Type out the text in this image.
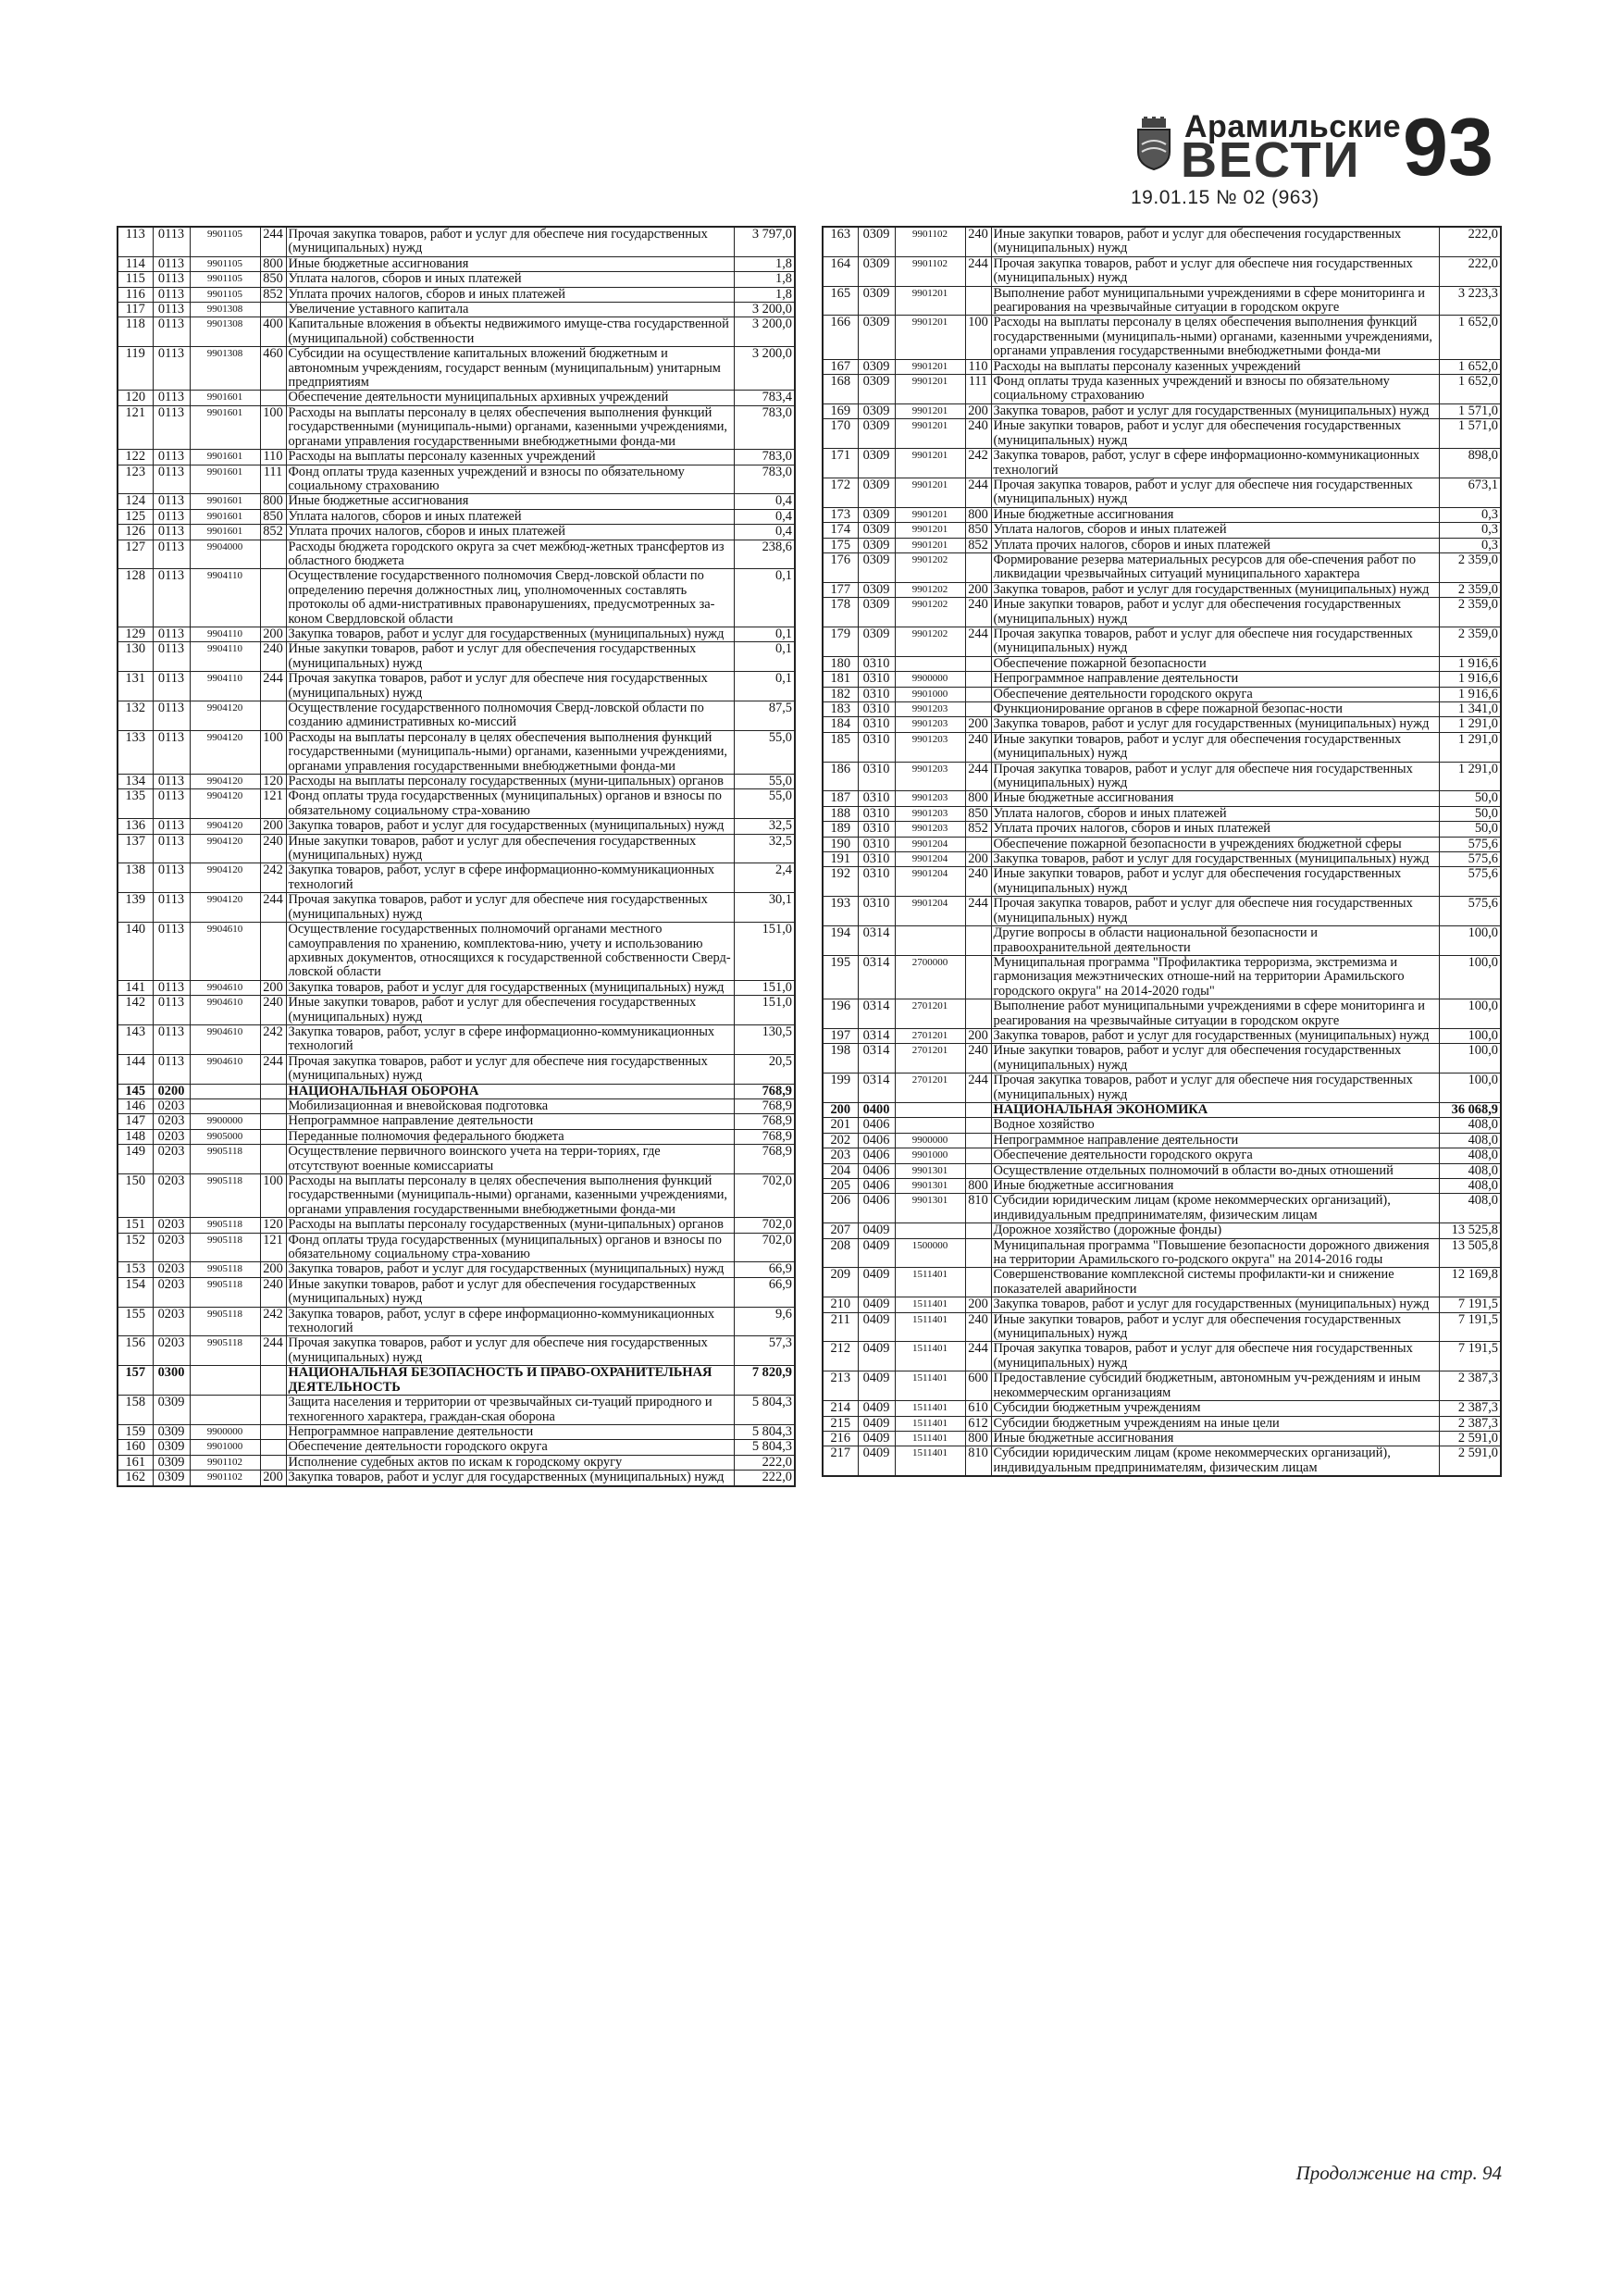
Арамильские
ВЕСТИ 93
19.01.15 № 02 (963)
113	0113	9901105	244	Прочая закупка товаров, работ и услуг для обеспече ния государственных (муниципальных) нужд	3 797,0
114	0113	9901105	800	Иные бюджетные ассигнования	1,8
115	0113	9901105	850	Уплата налогов, сборов и иных платежей	1,8
116	0113	9901105	852	Уплата прочих налогов, сборов и иных платежей	1,8
117	0113	9901308		Увеличение уставного капитала	3 200,0
118	0113	9901308	400	Капитальные вложения в объекты недвижимого имуще-ства государственной (муниципальной) собственности	3 200,0
119	0113	9901308	460	Субсидии на осуществление капитальных вложений бюджетным и автономным учреждениям, государст венным (муниципальным) унитарным предприятиям	3 200,0
120	0113	9901601		Обеспечение деятельности муниципальных архивных учреждений	783,4
121	0113	9901601	100	Расходы на выплаты персоналу в целях обеспечения выполнения функций государственными (муниципаль-ными) органами, казенными учреждениями, органами управления государственными внебюджетными фонда-ми	783,0
122	0113	9901601	110	Расходы на выплаты персоналу казенных учреждений	783,0
123	0113	9901601	111	Фонд оплаты труда казенных учреждений и взносы по обязательному социальному страхованию	783,0
124	0113	9901601	800	Иные бюджетные ассигнования	0,4
125	0113	9901601	850	Уплата налогов, сборов и иных платежей	0,4
126	0113	9901601	852	Уплата прочих налогов, сборов и иных платежей	0,4
127	0113	9904000		Расходы бюджета городского округа за счет межбюд-жетных трансфертов из областного бюджета	238,6
128	0113	9904110		Осуществление государственного полномочия Сверд-ловской области по определению перечня должностных лиц, уполномоченных составлять протоколы об адми-нистративных правонарушениях, предусмотренных за-коном Свердловской области	0,1
129	0113	9904110	200	Закупка товаров, работ и услуг для государственных (муниципальных) нужд	0,1
130	0113	9904110	240	Иные закупки товаров, работ и услуг для обеспечения государственных (муниципальных) нужд	0,1
131	0113	9904110	244	Прочая закупка товаров, работ и услуг для обеспече ния государственных (муниципальных) нужд	0,1
132	0113	9904120		Осуществление государственного полномочия Сверд-ловской области по созданию административных ко-миссий	87,5
133	0113	9904120	100	Расходы на выплаты персоналу в целях обеспечения выполнения функций государственными (муниципаль-ными) органами, казенными учреждениями, органами управления государственными внебюджетными фонда-ми	55,0
134	0113	9904120	120	Расходы на выплаты персоналу государственных (муни-ципальных) органов	55,0
135	0113	9904120	121	Фонд оплаты труда государственных (муниципальных) органов и взносы по обязательному социальному стра-хованию	55,0
136	0113	9904120	200	Закупка товаров, работ и услуг для государственных (муниципальных) нужд	32,5
137	0113	9904120	240	Иные закупки товаров, работ и услуг для обеспечения государственных (муниципальных) нужд	32,5
138	0113	9904120	242	Закупка товаров, работ, услуг в сфере информационно-коммуникационных технологий	2,4
139	0113	9904120	244	Прочая закупка товаров, работ и услуг для обеспече ния государственных (муниципальных) нужд	30,1
140	0113	9904610		Осуществление государственных полномочий органами местного самоуправления по хранению, комплектова-нию, учету и использованию архивных документов, относящихся к государственной собственности Сверд-ловской области	151,0
141	0113	9904610	200	Закупка товаров, работ и услуг для государственных (муниципальных) нужд	151,0
142	0113	9904610	240	Иные закупки товаров, работ и услуг для обеспечения государственных (муниципальных) нужд	151,0
143	0113	9904610	242	Закупка товаров, работ, услуг в сфере информационно-коммуникационных технологий	130,5
144	0113	9904610	244	Прочая закупка товаров, работ и услуг для обеспече ния государственных (муниципальных) нужд	20,5
145	0200			НАЦИОНАЛЬНАЯ ОБОРОНА	768,9
146	0203			Мобилизационная и вневойсковая подготовка	768,9
147	0203	9900000		Непрограммное направление деятельности	768,9
148	0203	9905000		Переданные полномочия федерального бюджета	768,9
149	0203	9905118		Осуществление первичного воинского учета на терри-ториях, где отсутствуют военные комиссариаты	768,9
150	0203	9905118	100	Расходы на выплаты персоналу в целях обеспечения выполнения функций государственными (муниципаль-ными) органами, казенными учреждениями, органами управления государственными внебюджетными фонда-ми	702,0
151	0203	9905118	120	Расходы на выплаты персоналу государственных (муни-ципальных) органов	702,0
152	0203	9905118	121	Фонд оплаты труда государственных (муниципальных) органов и взносы по обязательному социальному стра-хованию	702,0
153	0203	9905118	200	Закупка товаров, работ и услуг для государственных (муниципальных) нужд	66,9
154	0203	9905118	240	Иные закупки товаров, работ и услуг для обеспечения государственных (муниципальных) нужд	66,9
155	0203	9905118	242	Закупка товаров, работ, услуг в сфере информационно-коммуникационных технологий	9,6
156	0203	9905118	244	Прочая закупка товаров, работ и услуг для обеспече ния государственных (муниципальных) нужд	57,3
157	0300			НАЦИОНАЛЬНАЯ БЕЗОПАСНОСТЬ И ПРАВО-ОХРАНИТЕЛЬНАЯ ДЕЯТЕЛЬНОСТЬ	7 820,9
158	0309			Защита населения и территории от чрезвычайных си-туаций природного и техногенного характера, граждан-ская оборона	5 804,3
159	0309	9900000		Непрограммное направление деятельности	5 804,3
160	0309	9901000		Обеспечение деятельности городского округа	5 804,3
161	0309	9901102		Исполнение судебных актов по искам к городскому округу	222,0
162	0309	9901102	200	Закупка товаров, работ и услуг для государственных (муниципальных) нужд	222,0
163	0309	9901102	240	Иные закупки товаров, работ и услуг для обеспечения государственных (муниципальных) нужд	222,0
164	0309	9901102	244	Прочая закупка товаров, работ и услуг для обеспече ния государственных (муниципальных) нужд	222,0
165	0309	9901201		Выполнение работ муниципальными учреждениями в сфере мониторинга и реагирования на чрезвычайные ситуации в городском округе	3 223,3
166	0309	9901201	100	Расходы на выплаты персоналу в целях обеспечения выполнения функций государственными (муниципаль-ными) органами, казенными учреждениями, органами управления государственными внебюджетными фонда-ми	1 652,0
167	0309	9901201	110	Расходы на выплаты персоналу казенных учреждений	1 652,0
168	0309	9901201	111	Фонд оплаты труда казенных учреждений и взносы по обязательному социальному страхованию	1 652,0
169	0309	9901201	200	Закупка товаров, работ и услуг для государственных (муниципальных) нужд	1 571,0
170	0309	9901201	240	Иные закупки товаров, работ и услуг для обеспечения государственных (муниципальных) нужд	1 571,0
171	0309	9901201	242	Закупка товаров, работ, услуг в сфере информационно-коммуникационных технологий	898,0
172	0309	9901201	244	Прочая закупка товаров, работ и услуг для обеспече ния государственных (муниципальных) нужд	673,1
173	0309	9901201	800	Иные бюджетные ассигнования	0,3
174	0309	9901201	850	Уплата налогов, сборов и иных платежей	0,3
175	0309	9901201	852	Уплата прочих налогов, сборов и иных платежей	0,3
176	0309	9901202		Формирование резерва материальных ресурсов для обе-спечения работ по ликвидации чрезвычайных ситуаций муниципального характера	2 359,0
177	0309	9901202	200	Закупка товаров, работ и услуг для государственных (муниципальных) нужд	2 359,0
178	0309	9901202	240	Иные закупки товаров, работ и услуг для обеспечения государственных (муниципальных) нужд	2 359,0
179	0309	9901202	244	Прочая закупка товаров, работ и услуг для обеспече ния государственных (муниципальных) нужд	2 359,0
180	0310			Обеспечение пожарной безопасности	1 916,6
181	0310	9900000		Непрограммное направление деятельности	1 916,6
182	0310	9901000		Обеспечение деятельности городского округа	1 916,6
183	0310	9901203		Функционирование органов в сфере пожарной безопас-ности	1 341,0
184	0310	9901203	200	Закупка товаров, работ и услуг для государственных (муниципальных) нужд	1 291,0
185	0310	9901203	240	Иные закупки товаров, работ и услуг для обеспечения государственных (муниципальных) нужд	1 291,0
186	0310	9901203	244	Прочая закупка товаров, работ и услуг для обеспече ния государственных (муниципальных) нужд	1 291,0
187	0310	9901203	800	Иные бюджетные ассигнования	50,0
188	0310	9901203	850	Уплата налогов, сборов и иных платежей	50,0
189	0310	9901203	852	Уплата прочих налогов, сборов и иных платежей	50,0
190	0310	9901204		Обеспечение пожарной безопасности в учреждениях бюджетной сферы	575,6
191	0310	9901204	200	Закупка товаров, работ и услуг для государственных (муниципальных) нужд	575,6
192	0310	9901204	240	Иные закупки товаров, работ и услуг для обеспечения государственных (муниципальных) нужд	575,6
193	0310	9901204	244	Прочая закупка товаров, работ и услуг для обеспече ния государственных (муниципальных) нужд	575,6
194	0314			Другие вопросы в области национальной безопасности и правоохранительной деятельности	100,0
195	0314	2700000		Муниципальная программа "Профилактика терроризма, экстремизма и гармонизация межэтнических отноше-ний на территории Арамильского городского округа" на 2014-2020 годы"	100,0
196	0314	2701201		Выполнение работ муниципальными учреждениями в сфере мониторинга и реагирования на чрезвычайные ситуации в городском округе	100,0
197	0314	2701201	200	Закупка товаров, работ и услуг для государственных (муниципальных) нужд	100,0
198	0314	2701201	240	Иные закупки товаров, работ и услуг для обеспечения государственных (муниципальных) нужд	100,0
199	0314	2701201	244	Прочая закупка товаров, работ и услуг для обеспече ния государственных (муниципальных) нужд	100,0
200	0400			НАЦИОНАЛЬНАЯ ЭКОНОМИКА	36 068,9
201	0406			Водное хозяйство	408,0
202	0406	9900000		Непрограммное направление деятельности	408,0
203	0406	9901000		Обеспечение деятельности городского округа	408,0
204	0406	9901301		Осуществление отдельных полномочий в области во-дных отношений	408,0
205	0406	9901301	800	Иные бюджетные ассигнования	408,0
206	0406	9901301	810	Субсидии юридическим лицам (кроме некоммерческих организаций), индивидуальным предпринимателям, физическим лицам	408,0
207	0409			Дорожное хозяйство (дорожные фонды)	13 525,8
208	0409	1500000		Муниципальная программа "Повышение безопасности дорожного движения на территории Арамильского го-родского округа" на 2014-2016 годы	13 505,8
209	0409	1511401		Совершенствование комплексной системы профилакти-ки и снижение показателей аварийности	12 169,8
210	0409	1511401	200	Закупка товаров, работ и услуг для государственных (муниципальных) нужд	7 191,5
211	0409	1511401	240	Иные закупки товаров, работ и услуг для обеспечения государственных (муниципальных) нужд	7 191,5
212	0409	1511401	244	Прочая закупка товаров, работ и услуг для обеспече ния государственных (муниципальных) нужд	7 191,5
213	0409	1511401	600	Предоставление субсидий бюджетным, автономным уч-реждениям и иным некоммерческим организациям	2 387,3
214	0409	1511401	610	Субсидии бюджетным учреждениям	2 387,3
215	0409	1511401	612	Субсидии бюджетным учреждениям на иные цели	2 387,3
216	0409	1511401	800	Иные бюджетные ассигнования	2 591,0
217	0409	1511401	810	Субсидии юридическим лицам (кроме некоммерческих организаций), индивидуальным предпринимателям, физическим лицам	2 591,0
Продолжение на стр. 94
